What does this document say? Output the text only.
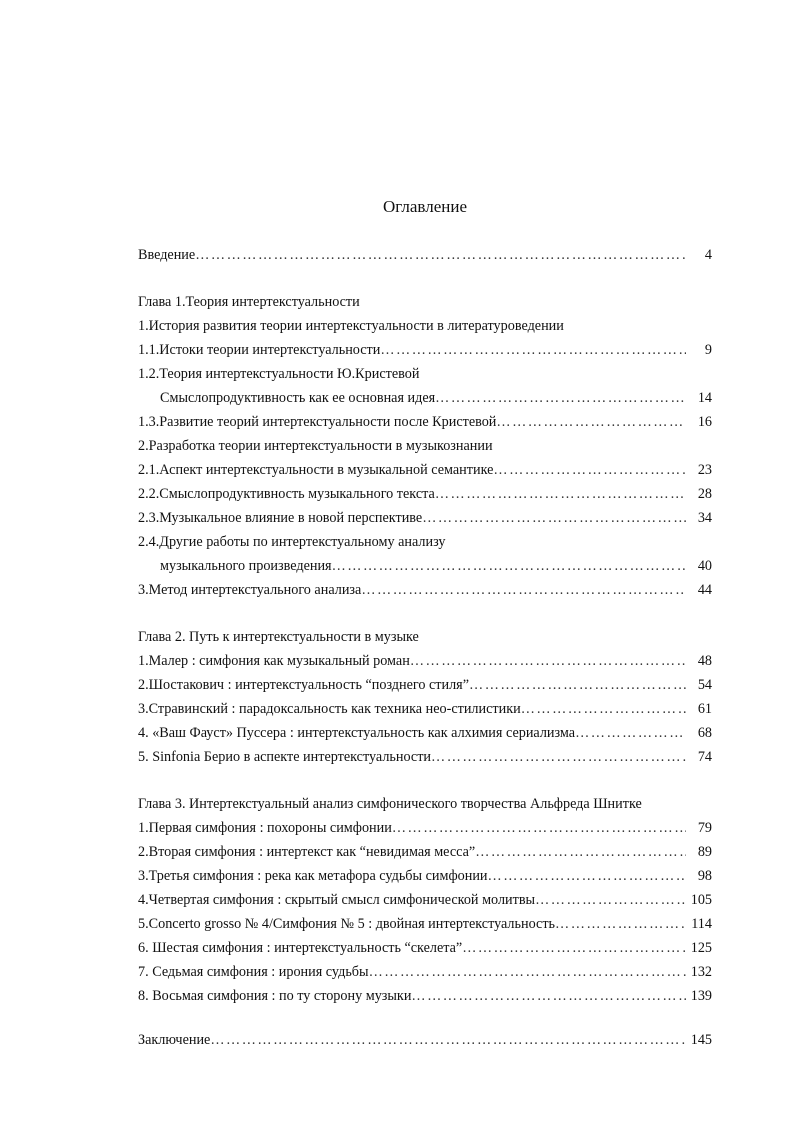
Оглавление
Введение …………………………………………………………………………………………………………………………………………	4
Глава 1.Теория интертекстуальности
1.История развития теории интертекстуальности в литературоведении
1.1.Истоки теории интертекстуальности …………………………………………………………………………………………………………………………………………	9
1.2.Теория интертекстуальности Ю.Кристевой
Смыслопродуктивность как ее основная идея …………………………………………………………………………………………………………………………………………	14
1.3.Развитие теорий интертекстуальности после Кристевой …………………………………………………………………………………………………………………………………………	16
2.Разработка теории интертекстуальности в музыкознании
2.1.Аспект интертекстуальности в музыкальной семантике …………………………………………………………………………………………………………………………………………	23
2.2.Смыслопродуктивность музыкального текста …………………………………………………………………………………………………………………………………………	28
2.3.Музыкальное влияние в новой перспективе …………………………………………………………………………………………………………………………………………	34
2.4.Другие работы по интертекстуальному анализу
музыкального произведения …………………………………………………………………………………………………………………………………………	40
3.Метод интертекстуального анализа …………………………………………………………………………………………………………………………………………	44
Глава 2. Путь к интертекстуальности в музыке
1.Малер : симфония как музыкальный роман …………………………………………………………………………………………………………………………………………	48
2.Шостакович : интертекстуальность “позднего стиля” …………………………………………………………………………………………………………………………………………	54
3.Стравинский : парадоксальность как техника нео-стилистики …………………………………………………………………………………………………………………………………………	61
4. «Ваш Фауст» Пуссера : интертекстуальность как алхимия сериализма …………………………………………………………………………………………………………………………………………	68
5. Sinfonia Берио в аспекте интертекстуальности …………………………………………………………………………………………………………………………………………	74
Глава 3. Интертекстуальный анализ симфонического творчества Альфреда Шнитке
1.Первая симфония : похороны симфонии …………………………………………………………………………………………………………………………………………	79
2.Вторая симфония : интертекст как “невидимая месса” …………………………………………………………………………………………………………………………………………	89
3.Третья симфония : река как метафора судьбы симфонии …………………………………………………………………………………………………………………………………………	98
4.Четвертая симфония : скрытый смысл симфонической молитвы …………………………………………………………………………………………………………………………………………	105
5.Concerto grosso № 4/Симфония № 5 : двойная интертекстуальность …………………………………………………………………………………………………………………………………………	114
6. Шестая симфония : интертекстуальность “скелета” …………………………………………………………………………………………………………………………………………	125
7. Седьмая симфония : ирония судьбы …………………………………………………………………………………………………………………………………………	132
8. Восьмая симфония : по ту сторону музыки …………………………………………………………………………………………………………………………………………	139
Заключение …………………………………………………………………………………………………………………………………………	145
